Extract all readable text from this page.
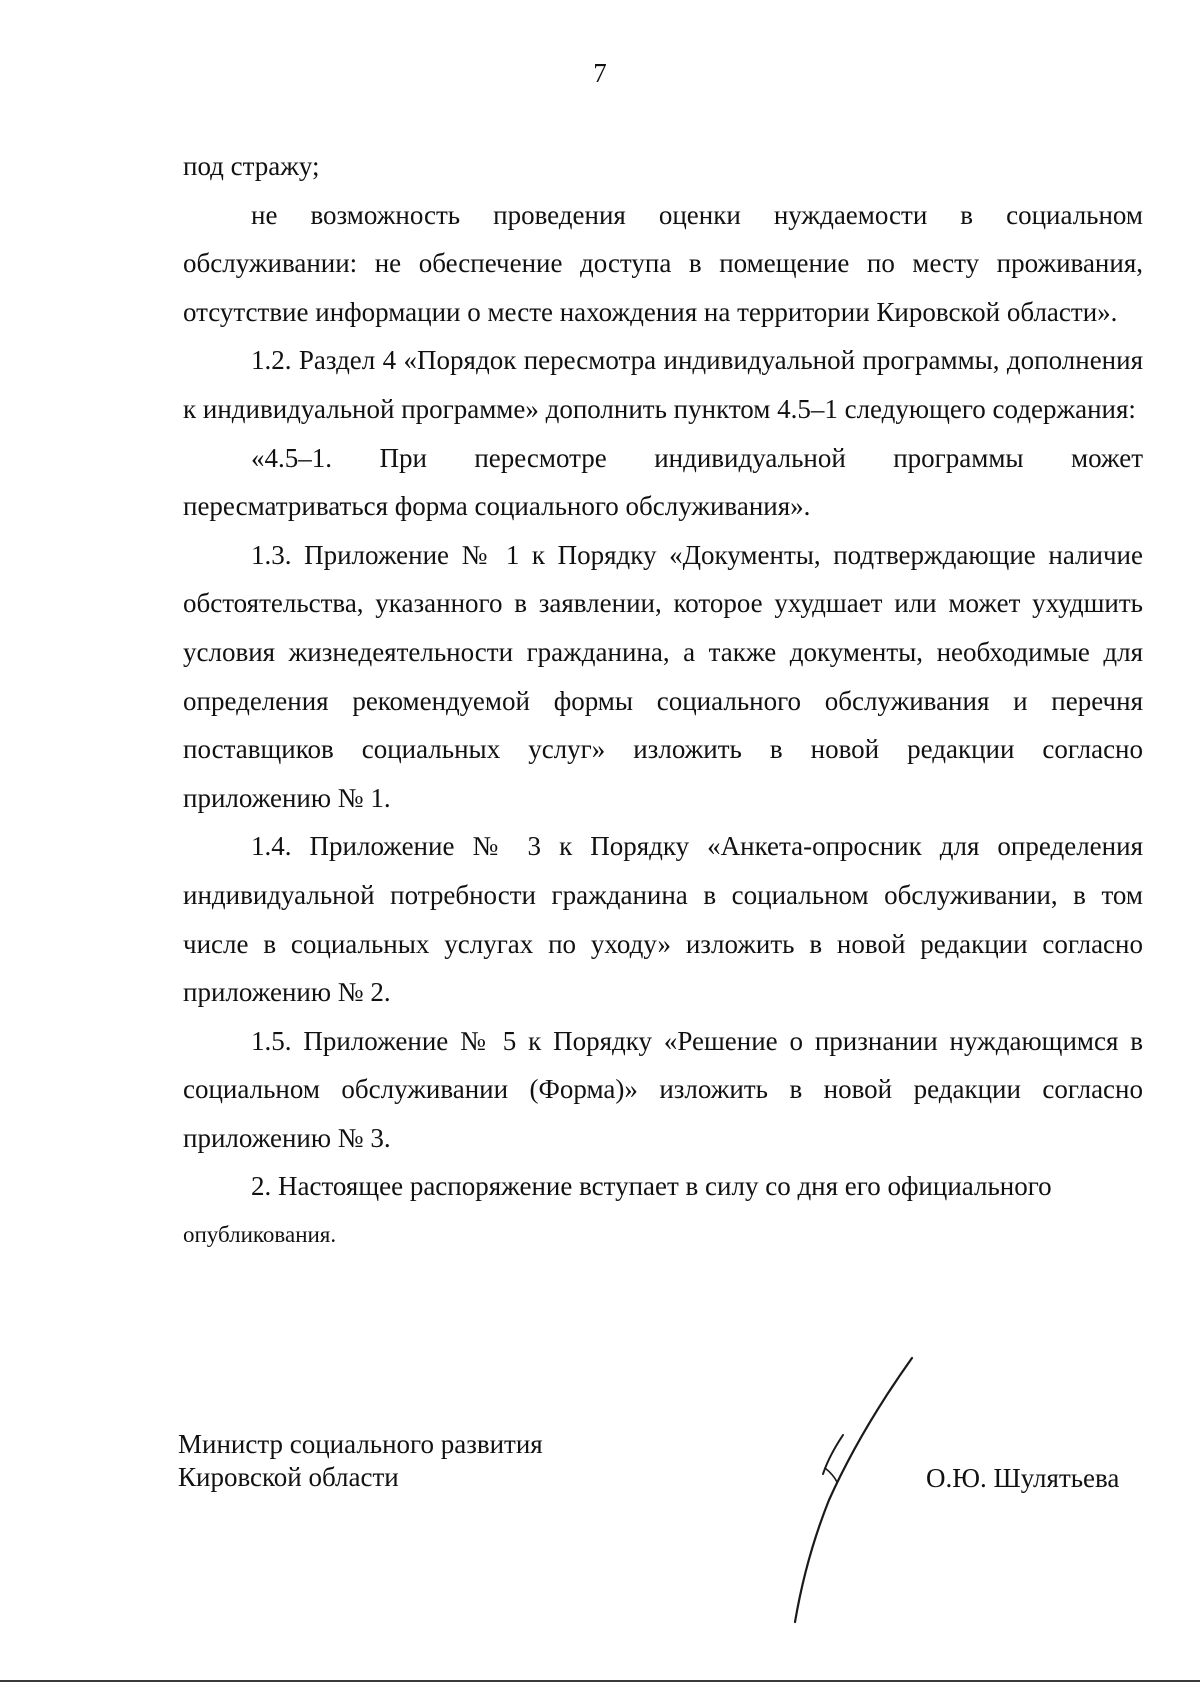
7

под стражу;

не возможность проведения оценки нуждаемости в социальном обслуживании: не обеспечение доступа в помещение по месту проживания, отсутствие информации о месте нахождения на территории Кировской области».

1.2. Раздел 4 «Порядок пересмотра индивидуальной программы, дополнения к индивидуальной программе» дополнить пунктом 4.5–1 следующего содержания:

«4.5–1. При пересмотре индивидуальной программы может пересматриваться форма социального обслуживания».

1.3. Приложение № 1 к Порядку «Документы, подтверждающие наличие обстоятельства, указанного в заявлении, которое ухудшает или может ухудшить условия жизнедеятельности гражданина, а также документы, необходимые для определения рекомендуемой формы социального обслуживания и перечня поставщиков социальных услуг» изложить в новой редакции согласно приложению № 1.

1.4. Приложение № 3 к Порядку «Анкета-опросник для определения индивидуальной потребности гражданина в социальном обслуживании, в том числе в социальных услугах по уходу» изложить в новой редакции согласно приложению № 2.

1.5. Приложение № 5 к Порядку «Решение о признании нуждающимся в социальном обслуживании (Форма)» изложить в новой редакции согласно приложению № 3.

2. Настоящее распоряжение вступает в силу со дня его официального

опубликования.

Министр социального развития
Кировской области	О.Ю. Шулятьева
